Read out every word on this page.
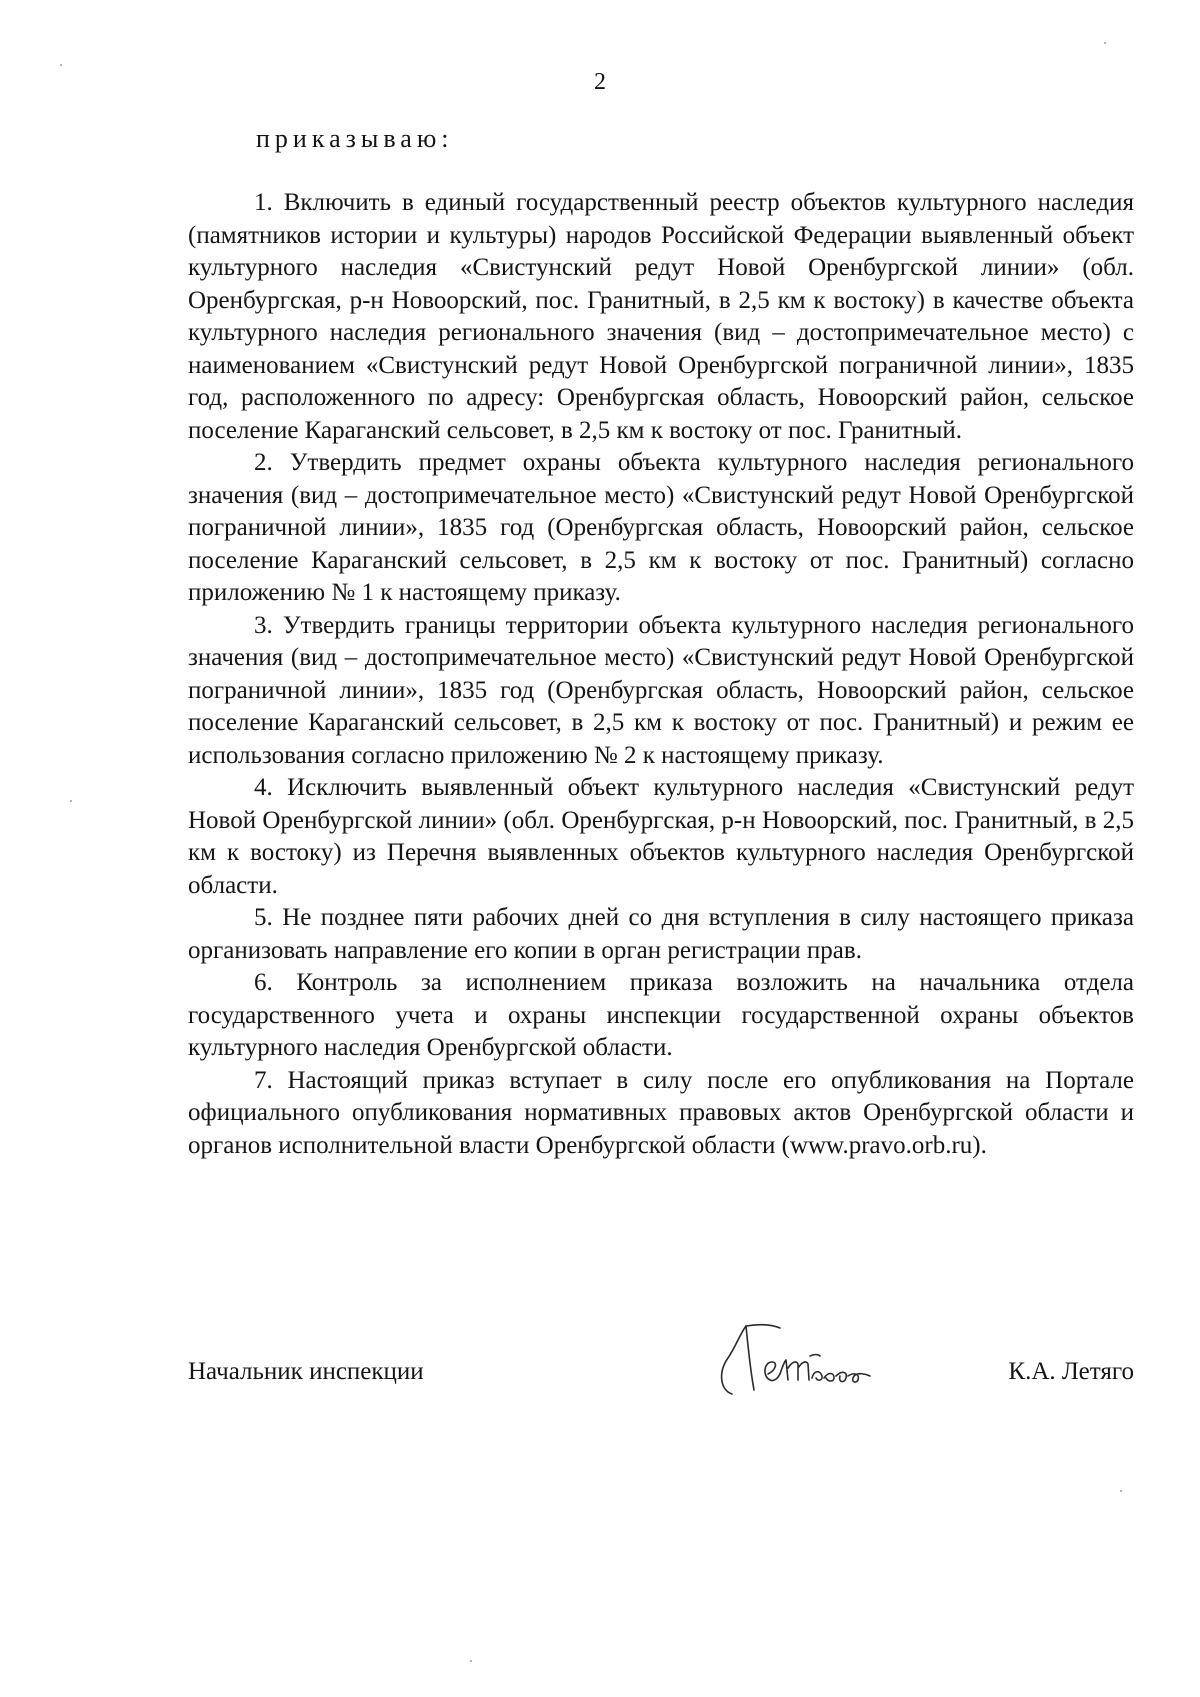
2
приказываю:

1. Включить в единый государственный реестр объектов культурного наследия (памятников истории и культуры) народов Российской Федерации выявленный объект культурного наследия «Свистунский редут Новой Оренбургской линии» (обл. Оренбургская, р-н Новоорский, пос. Гранитный, в 2,5 км к востоку) в качестве объекта культурного наследия регионального значения (вид – достопримечательное место) с наименованием «Свистунский редут Новой Оренбургской пограничной линии», 1835 год, расположенного по адресу: Оренбургская область, Новоорский район, сельское поселение Караганский сельсовет, в 2,5 км к востоку от пос. Гранитный.

2. Утвердить предмет охраны объекта культурного наследия регионального значения (вид – достопримечательное место) «Свистунский редут Новой Оренбургской пограничной линии», 1835 год (Оренбургская область, Новоорский район, сельское поселение Караганский сельсовет, в 2,5 км к востоку от пос. Гранитный) согласно приложению № 1 к настоящему приказу.

3. Утвердить границы территории объекта культурного наследия регионального значения (вид – достопримечательное место) «Свистунский редут Новой Оренбургской пограничной линии», 1835 год (Оренбургская область, Новоорский район, сельское поселение Караганский сельсовет, в 2,5 км к востоку от пос. Гранитный) и режим ее использования согласно приложению № 2 к настоящему приказу.

4. Исключить выявленный объект культурного наследия «Свистунский редут Новой Оренбургской линии» (обл. Оренбургская, р-н Новоорский, пос. Гранитный, в 2,5 км к востоку) из Перечня выявленных объектов культурного наследия Оренбургской области.

5. Не позднее пяти рабочих дней со дня вступления в силу настоящего приказа организовать направление его копии в орган регистрации прав.

6. Контроль за исполнением приказа возложить на начальника отдела государственного учета и охраны инспекции государственной охраны объектов культурного наследия Оренбургской области.

7. Настоящий приказ вступает в силу после его опубликования на Портале официального опубликования нормативных правовых актов Оренбургской области и органов исполнительной власти Оренбургской области (www.pravo.orb.ru).

Начальник инспекции	К.А. Летяго
